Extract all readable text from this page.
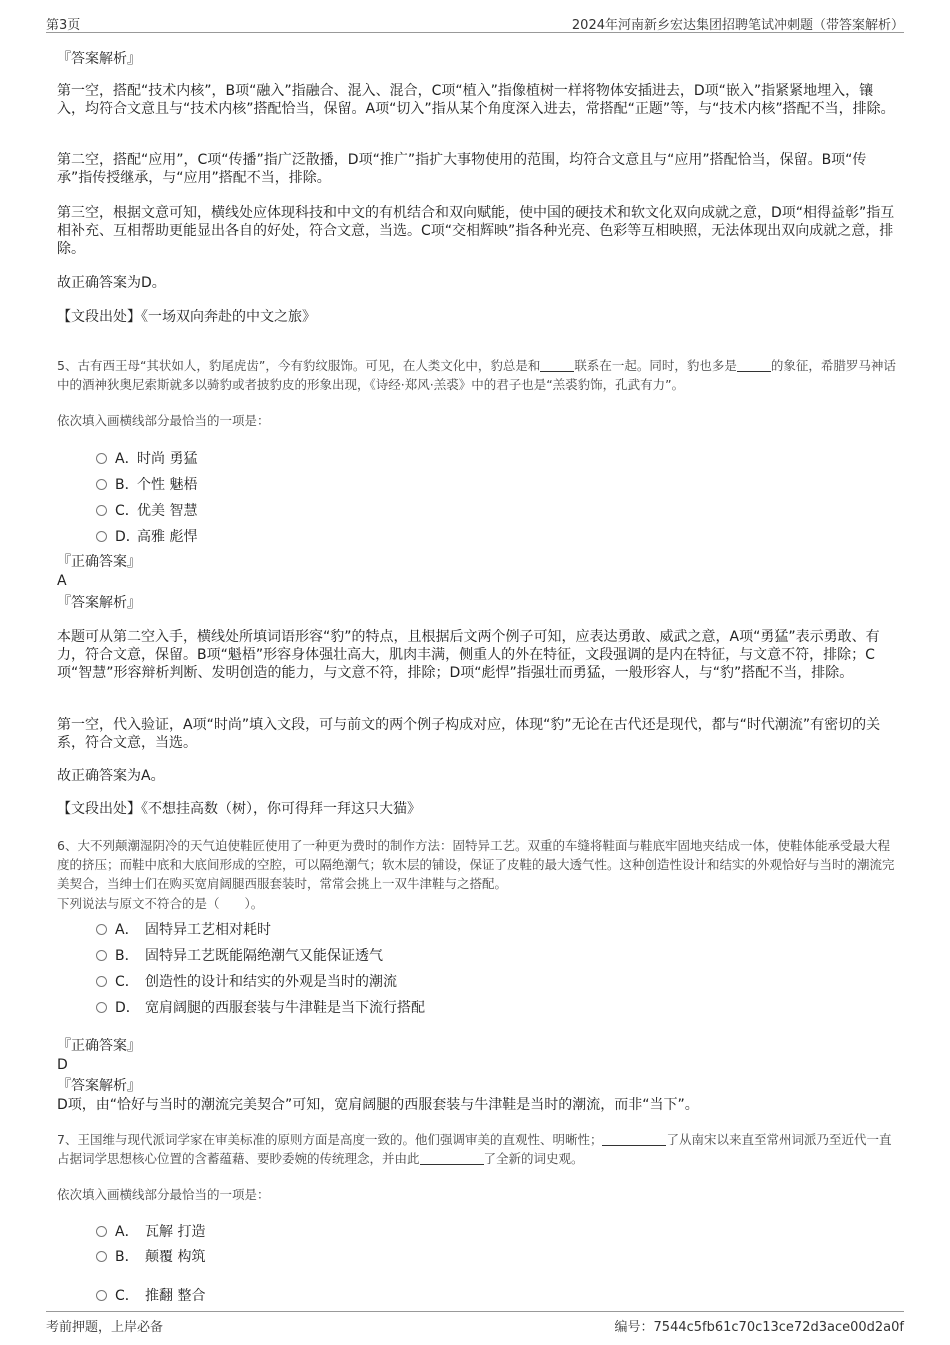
第3页	2024年河南新乡宏达集团招聘笔试冲刺题（带答案解析）
『答案解析』
第一空，搭配“技术内核”，B项“融入”指融合、混入、混合，C项“植入”指像植树一样将物体安插进去，D项“嵌入”指紧紧地埋入，镶入，均符合文意且与“技术内核”搭配恰当，保留。A项“切入”指从某个角度深入进去，常搭配“正题”等，与“技术内核”搭配不当，排除。
第二空，搭配“应用”，C项“传播”指广泛散播，D项“推广”指扩大事物使用的范围，均符合文意且与“应用”搭配恰当，保留。B项“传承”指传授继承，与“应用”搭配不当，排除。
第三空，根据文意可知，横线处应体现科技和中文的有机结合和双向赋能，使中国的硬技术和软文化双向成就之意，D项“相得益彰”指互相补充、互相帮助更能显出各自的好处，符合文意，当选。C项“交相辉映”指各种光亮、色彩等互相映照，无法体现出双向成就之意，排除。
故正确答案为D。
【文段出处】《一场双向奔赴的中文之旅》
5、古有西王母“其状如人，豹尾虎齿”，今有豹纹服饰。可见，在人类文化中，豹总是和	联系在一起。同时，豹也多是	的象征，希腊罗马神话中的酒神狄奥尼索斯就多以骑豹或者披豹皮的形象出现，《诗经·郑风·羔裘》中的君子也是“羔裘豹饰，孔武有力”。
依次填入画横线部分最恰当的一项是：
A．时尚 勇猛
B．个性 魅梧
C．优美 智慧
D．高雅 彪悍
『正确答案』
A
『答案解析』
本题可从第二空入手，横线处所填词语形容“豹”的特点，且根据后文两个例子可知，应表达勇敢、威武之意，A项“勇猛”表示勇敢、有力，符合文意，保留。B项“魁梧”形容身体强壮高大，肌肉丰满，侧重人的外在特征，文段强调的是内在特征，与文意不符，排除；C项“智慧”形容辩析判断、发明创造的能力，与文意不符，排除；D项“彪悍”指强壮而勇猛，一般形容人，与“豹”搭配不当，排除。
第一空，代入验证，A项“时尚”填入文段，可与前文的两个例子构成对应，体现“豹”无论在古代还是现代，都与“时代潮流”有密切的关系，符合文意，当选。
故正确答案为A。
【文段出处】《不想挂高数（树），你可得拜一拜这只大猫》
6、大不列颠潮湿阴冷的天气迫使鞋匠使用了一种更为费时的制作方法：固特异工艺。双重的车缝将鞋面与鞋底牢固地夹结成一体，使鞋体能承受最大程度的挤压；而鞋中底和大底间形成的空腔，可以隔绝潮气；软木层的铺设，保证了皮鞋的最大透气性。这种创造性设计和结实的外观恰好与当时的潮流完美契合，当绅士们在购买宽肩阔腿西服套装时，常常会挑上一双牛津鞋与之搭配。
下列说法与原文不符合的是（　　）。
A． 固特异工艺相对耗时
B． 固特异工艺既能隔绝潮气又能保证透气
C． 创造性的设计和结实的外观是当时的潮流
D． 宽肩阔腿的西服套装与牛津鞋是当下流行搭配
『正确答案』
D
『答案解析』
D项，由“恰好与当时的潮流完美契合”可知，宽肩阔腿的西服套装与牛津鞋是当时的潮流，而非“当下”。
7、王国维与现代派词学家在审美标准的原则方面是高度一致的。他们强调审美的直观性、明晰性；	了从南宋以来直至常州词派乃至近代一直占据词学思想核心位置的含蓄蕴藉、要眇委婉的传统理念，并由此	了全新的词史观。
依次填入画横线部分最恰当的一项是：
A． 瓦解 打造
B． 颠覆 构筑
C． 推翻 整合
考前押题，上岸必备	编号：7544c5fb61c70c13ce72d3ace00d2a0f
